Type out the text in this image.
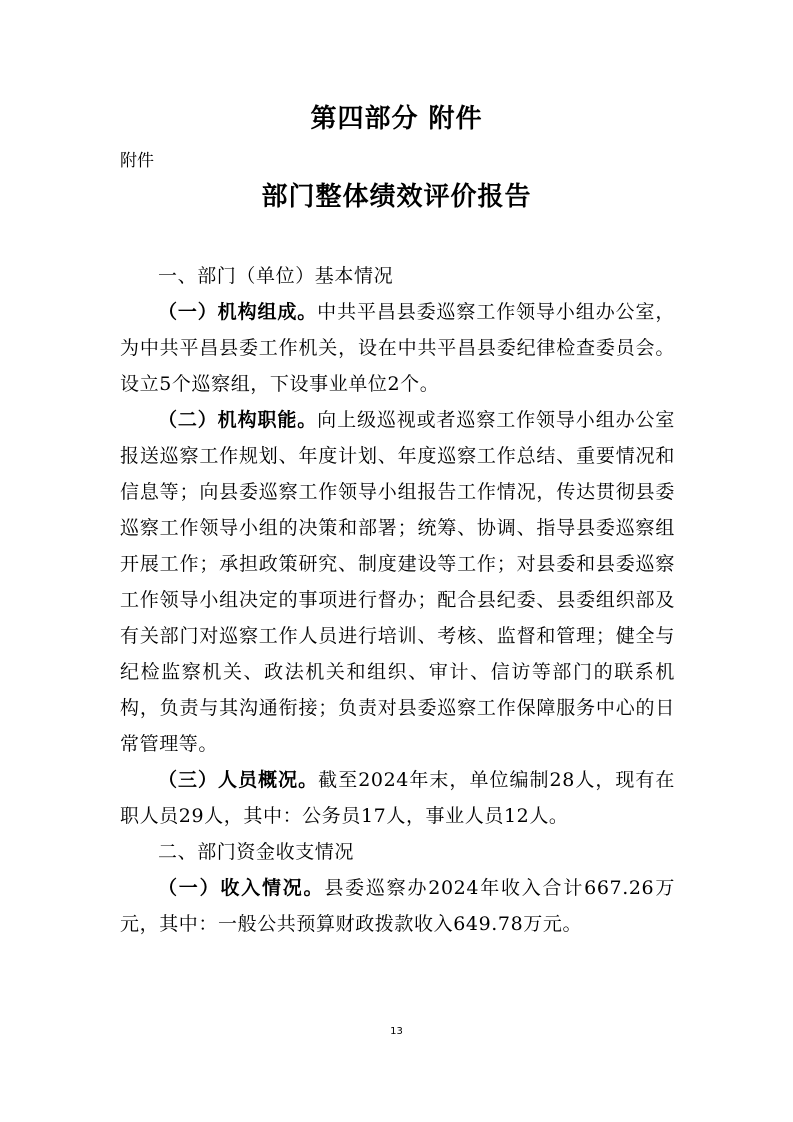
第四部分 附件
附件
部门整体绩效评价报告
一、部门（单位）基本情况

（一）机构组成。中共平昌县委巡察工作领导小组办公室，为中共平昌县委工作机关，设在中共平昌县委纪律检查委员会。设立5个巡察组，下设事业单位2个。

（二）机构职能。向上级巡视或者巡察工作领导小组办公室报送巡察工作规划、年度计划、年度巡察工作总结、重要情况和信息等；向县委巡察工作领导小组报告工作情况，传达贯彻县委巡察工作领导小组的决策和部署；统筹、协调、指导县委巡察组开展工作；承担政策研究、制度建设等工作；对县委和县委巡察工作领导小组决定的事项进行督办；配合县纪委、县委组织部及有关部门对巡察工作人员进行培训、考核、监督和管理；健全与纪检监察机关、政法机关和组织、审计、信访等部门的联系机构，负责与其沟通衔接；负责对县委巡察工作保障服务中心的日常管理等。

（三）人员概况。截至2024年末，单位编制28人，现有在职人员29人，其中：公务员17人，事业人员12人。

二、部门资金收支情况

（一）收入情况。县委巡察办2024年收入合计667.26万元，其中：一般公共预算财政拨款收入649.78万元。

13
